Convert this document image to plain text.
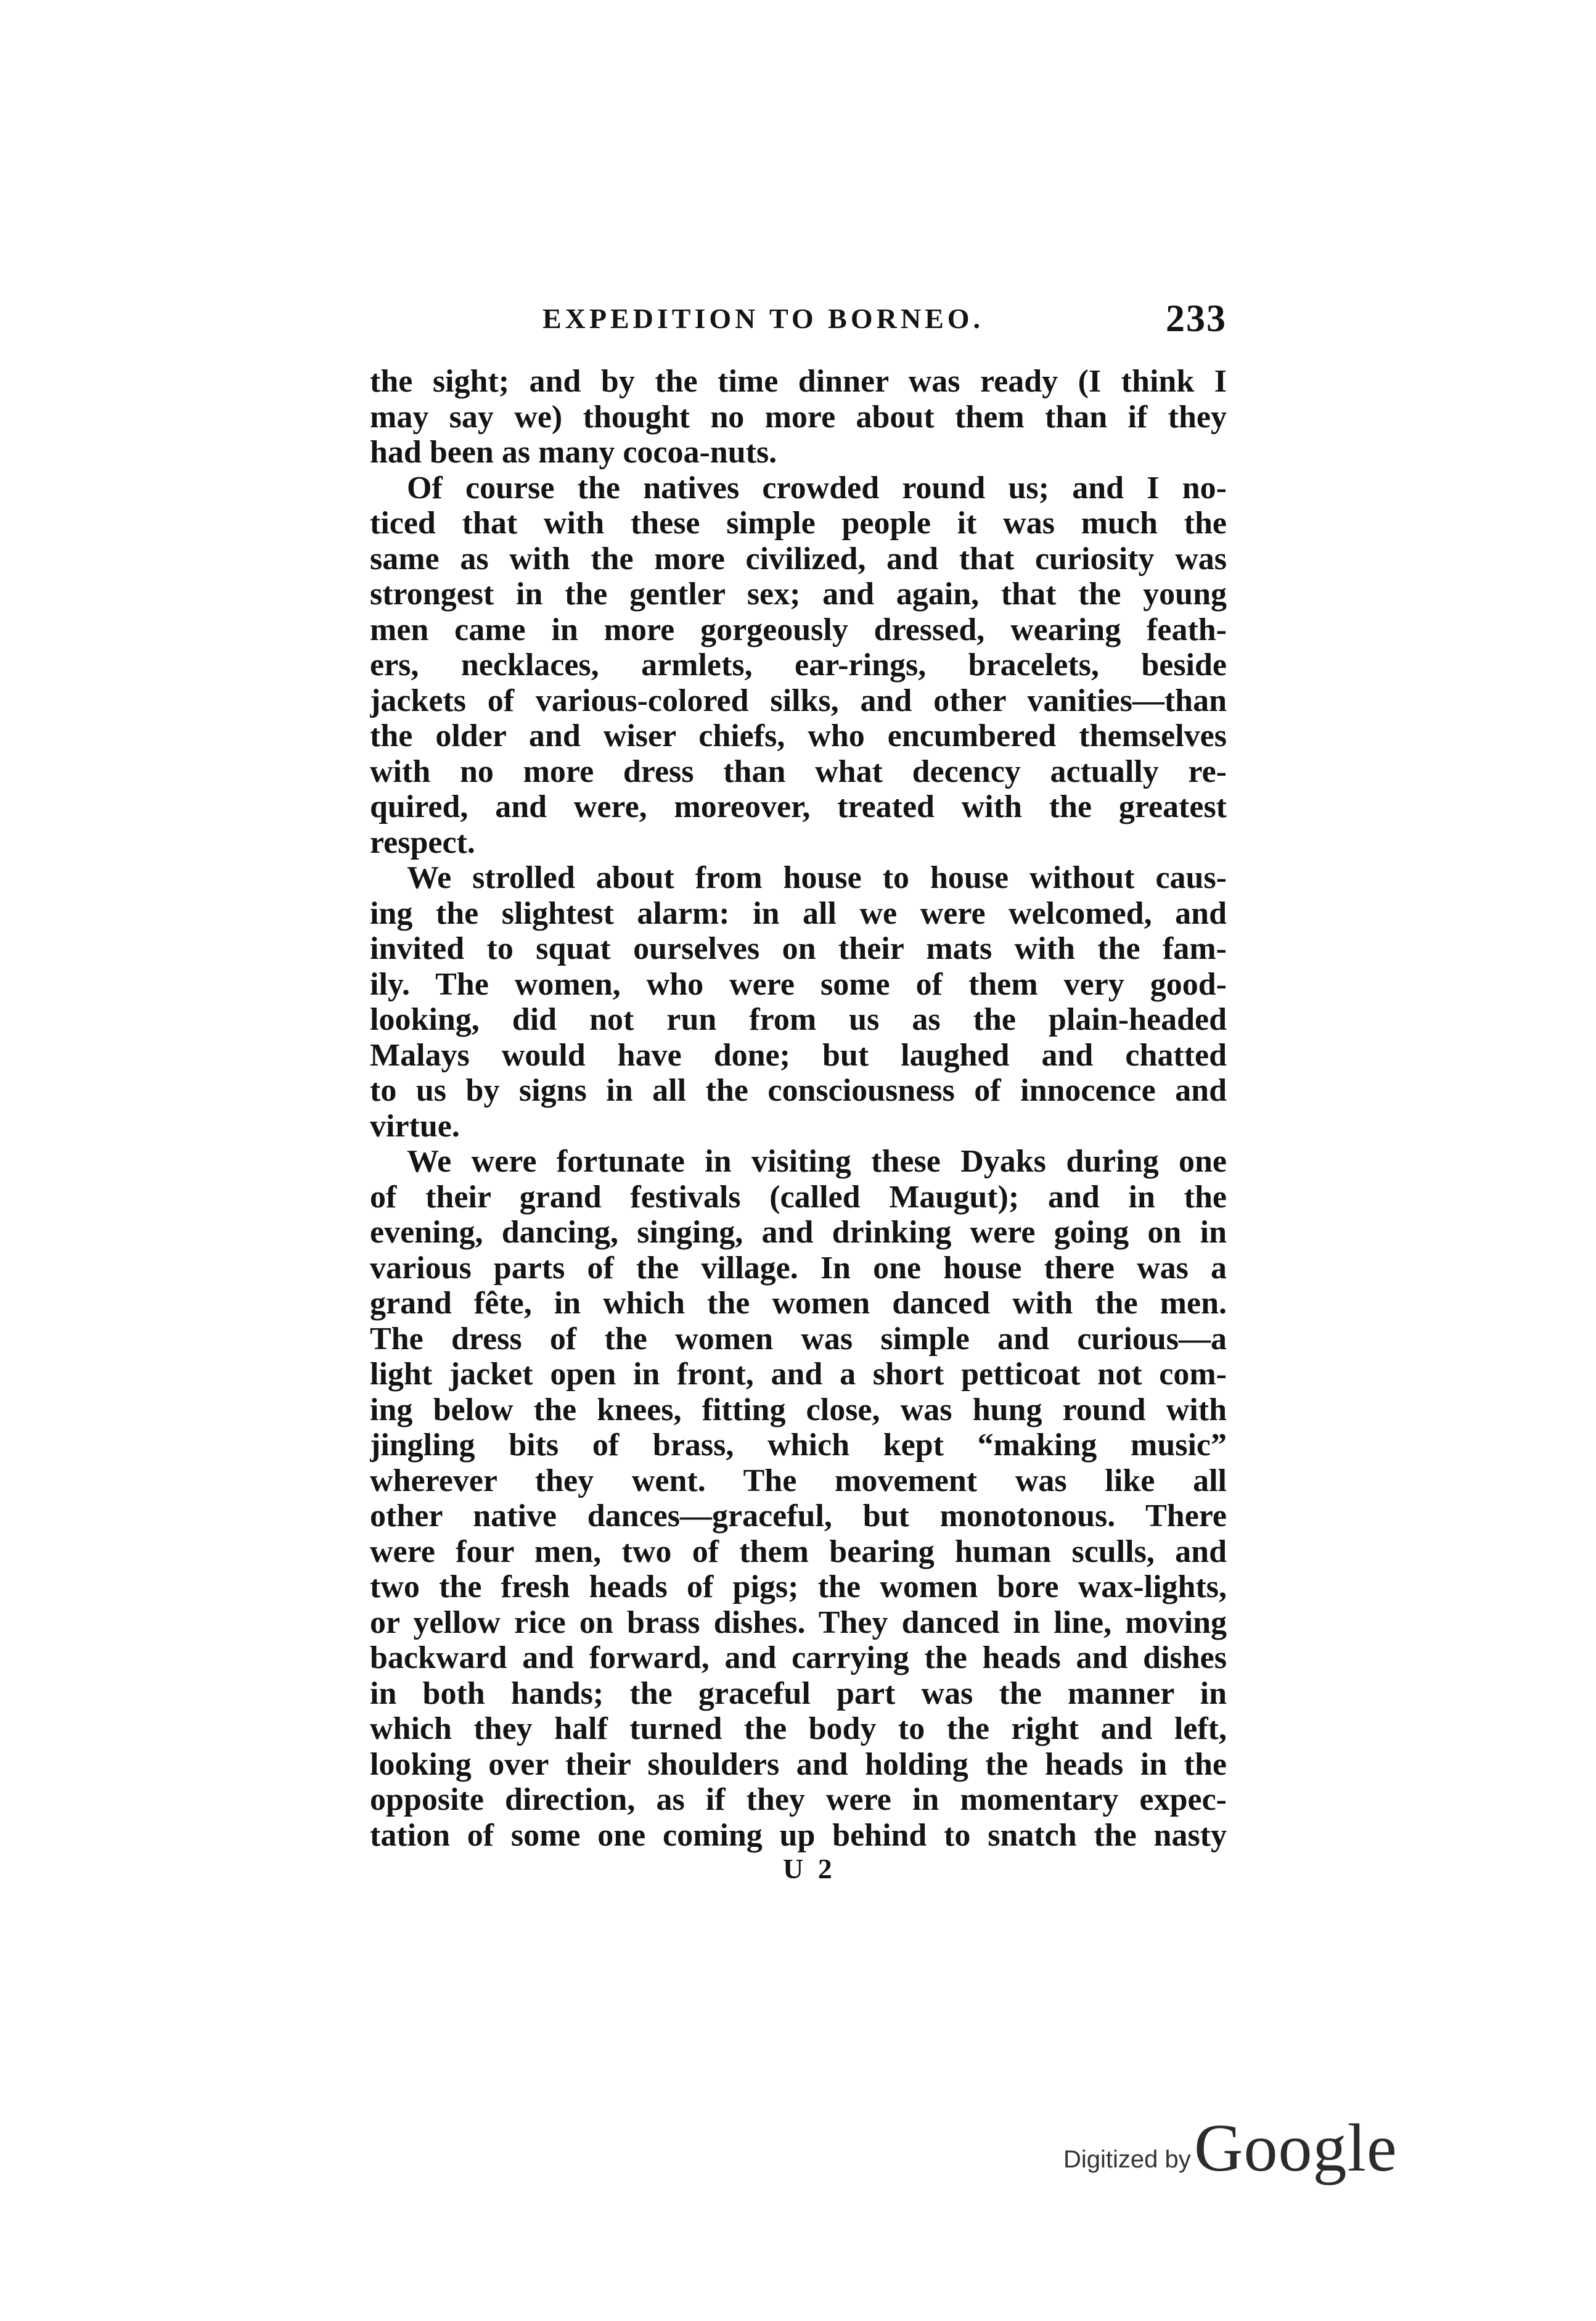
EXPEDITION TO BORNEO.	233
the sight; and by the time dinner was ready (I think I
may say we) thought no more about them than if they
had been as many cocoa-nuts.
Of course the natives crowded round us; and I no-
ticed that with these simple people it was much the
same as with the more civilized, and that curiosity was
strongest in the gentler sex; and again, that the young
men came in more gorgeously dressed, wearing feath-
ers, necklaces, armlets, ear-rings, bracelets, beside
jackets of various-colored silks, and other vanities—than
the older and wiser chiefs, who encumbered themselves
with no more dress than what decency actually re-
quired, and were, moreover, treated with the greatest
respect.
We strolled about from house to house without caus-
ing the slightest alarm: in all we were welcomed, and
invited to squat ourselves on their mats with the fam-
ily. The women, who were some of them very good-
looking, did not run from us as the plain-headed
Malays would have done; but laughed and chatted
to us by signs in all the consciousness of innocence and
virtue.
We were fortunate in visiting these Dyaks during one
of their grand festivals (called Maugut); and in the
evening, dancing, singing, and drinking were going on in
various parts of the village. In one house there was a
grand fête, in which the women danced with the men.
The dress of the women was simple and curious—a
light jacket open in front, and a short petticoat not com-
ing below the knees, fitting close, was hung round with
jingling bits of brass, which kept “making music”
wherever they went. The movement was like all
other native dances—graceful, but monotonous. There
were four men, two of them bearing human sculls, and
two the fresh heads of pigs; the women bore wax-lights,
or yellow rice on brass dishes. They danced in line, moving
backward and forward, and carrying the heads and dishes
in both hands; the graceful part was the manner in
which they half turned the body to the right and left,
looking over their shoulders and holding the heads in the
opposite direction, as if they were in momentary expec-
tation of some one coming up behind to snatch the nasty
U 2
Digitized by Google
